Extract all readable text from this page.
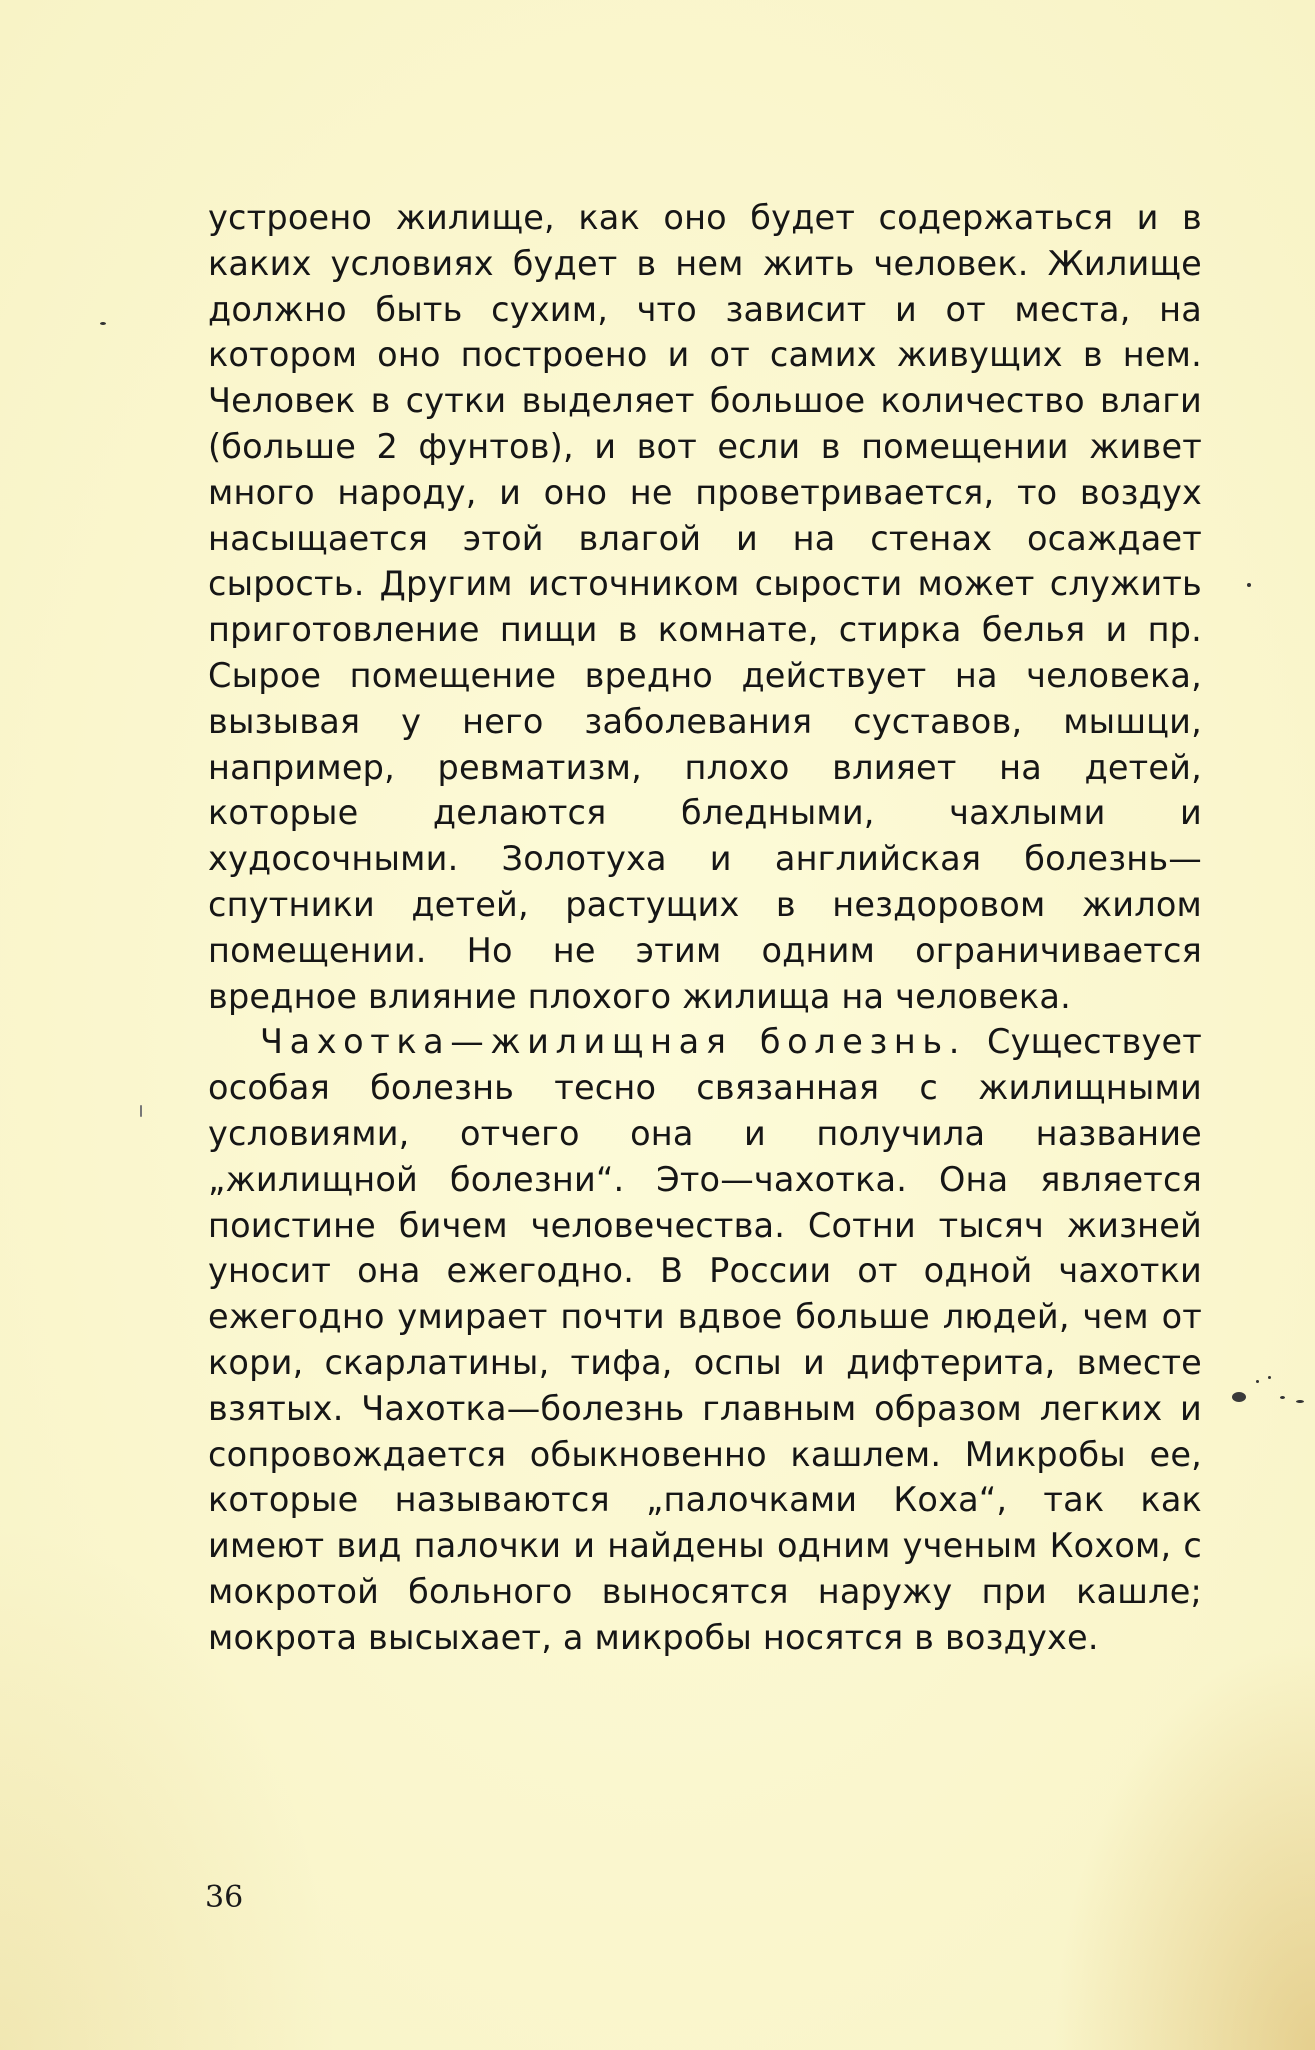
устроено жилище, как оно будет содержаться и в каких условиях будет в нем жить человек. Жилище должно быть сухим, что зависит и от места, на котором оно построено и от самих живущих в нем. Человек в сутки выделяет большое количество влаги (больше 2 фунтов), и вот если в помещении живет много народу, и оно не проветривается, то воздух насыщается этой влагой и на стенах осаждает сырость. Другим источником сырости может служить приготовление пищи в комнате, стирка белья и пр. Сырое помещение вредно действует на человека, вызывая у него заболевания суставов, мышци, например, ревматизм, плохо влияет на детей, которые делаются бледными, чахлыми и худосочными. Золотуха и английская болезнь—спутники детей, растущих в нездоровом жилом помещении. Но не этим одним ограничивается вредное влияние плохого жилища на человека.

Чахотка—жилищная болезнь. Существует особая болезнь тесно связанная с жилищными условиями, отчего она и получила название „жилищной болезни“. Это—чахотка. Она является поистине бичем человечества. Сотни тысяч жизней уносит она ежегодно. В России от одной чахотки ежегодно умирает почти вдвое больше людей, чем от кори, скарлатины, тифа, оспы и дифтерита, вместе взятых. Чахотка—болезнь главным образом легких и сопровождается обыкновенно кашлем. Микробы ее, которые называются „палочками Коха“, так как имеют вид палочки и найдены одним ученым Кохом, с мокротой больного выносятся наружу при кашле; мокрота высыхает, а микробы носятся в воздухе.

36
